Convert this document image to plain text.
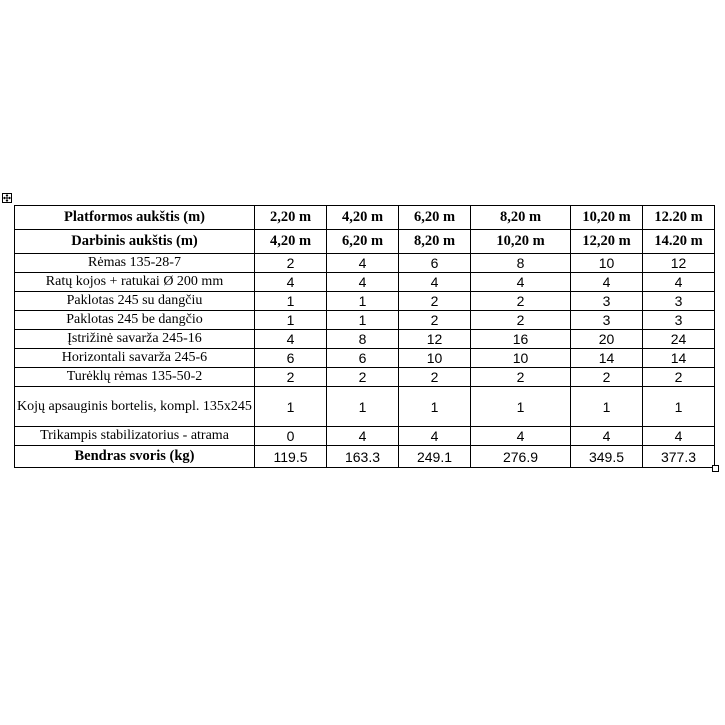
Platformos aukštis (m)	2,20 m	4,20 m	6,20 m	8,20 m	10,20 m	12.20 m
Darbinis aukštis (m)	4,20 m	6,20 m	8,20 m	10,20 m	12,20 m	14.20 m
Rėmas 135-28-7	2	4	6	8	10	12
Ratų kojos + ratukai Ø 200 mm	4	4	4	4	4	4
Paklotas 245 su dangčiu	1	1	2	2	3	3
Paklotas 245 be dangčio	1	1	2	2	3	3
Įstrižinė savarža 245-16	4	8	12	16	20	24
Horizontali savarža 245-6	6	6	10	10	14	14
Turėklų rėmas 135-50-2	2	2	2	2	2	2
Kojų apsauginis bortelis, kompl. 135x245	1	1	1	1	1	1
Trikampis stabilizatorius - atrama	0	4	4	4	4	4
Bendras svoris (kg)	119.5	163.3	249.1	276.9	349.5	377.3
